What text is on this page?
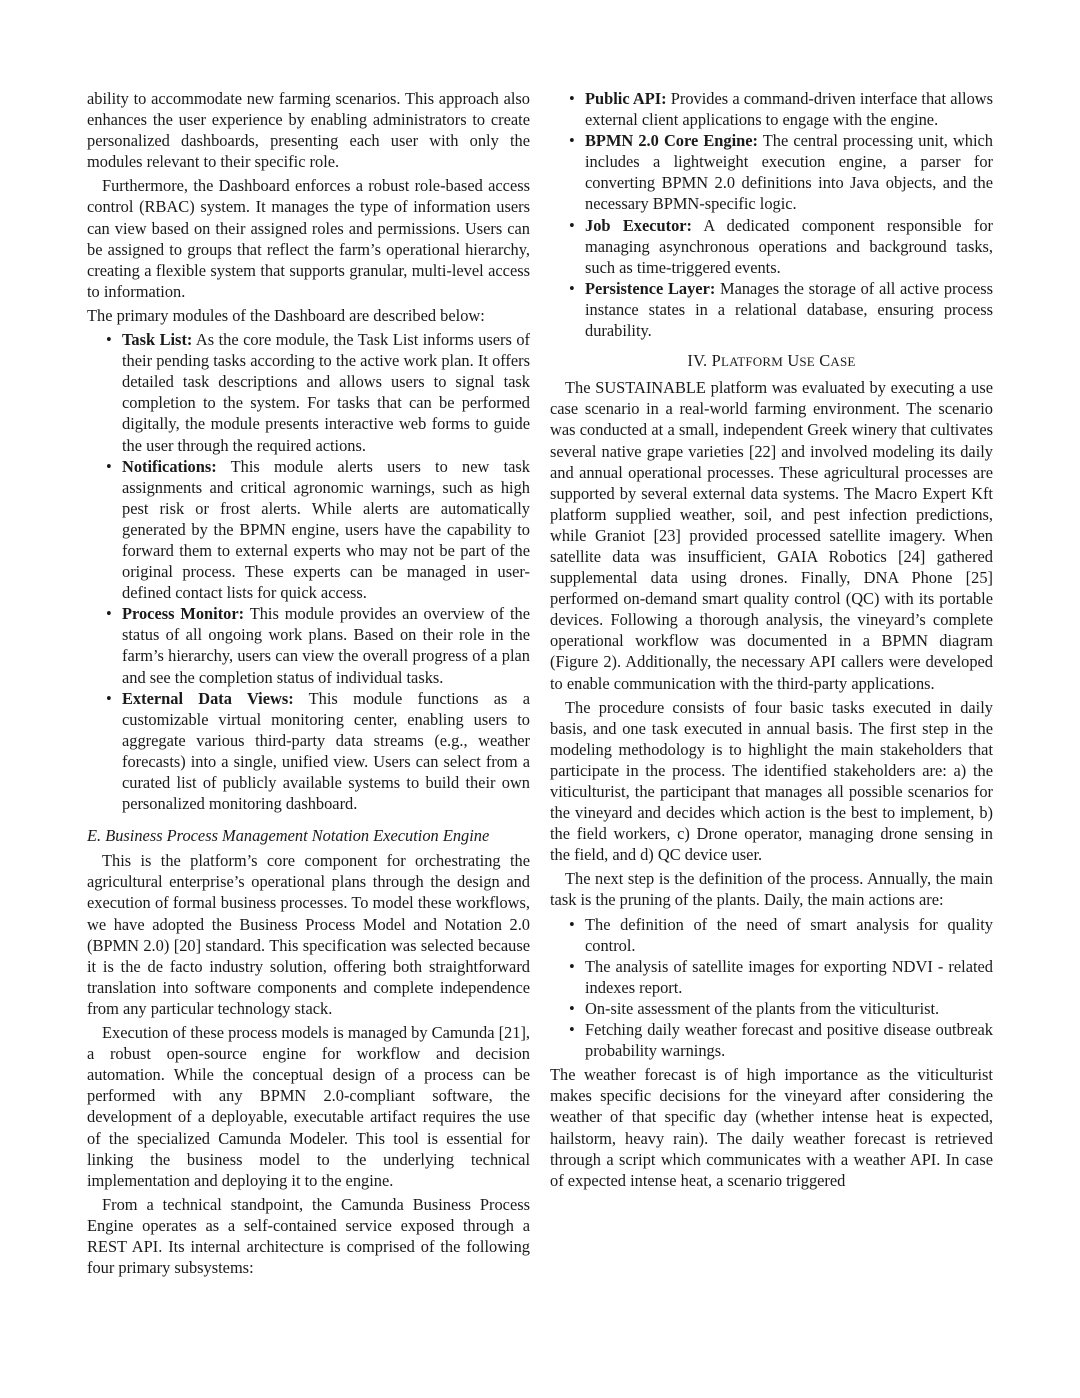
ability to accommodate new farming scenarios. This approach also enhances the user experience by enabling administrators to create personalized dashboards, presenting each user with only the modules relevant to their specific role.

Furthermore, the Dashboard enforces a robust role-based access control (RBAC) system. It manages the type of information users can view based on their assigned roles and permissions. Users can be assigned to groups that reflect the farm’s operational hierarchy, creating a flexible system that supports granular, multi-level access to information.

The primary modules of the Dashboard are described below:

• Task List: As the core module, the Task List informs users of their pending tasks according to the active work plan. It offers detailed task descriptions and allows users to signal task completion to the system. For tasks that can be performed digitally, the module presents interactive web forms to guide the user through the required actions.
• Notifications: This module alerts users to new task assignments and critical agronomic warnings, such as high pest risk or frost alerts. While alerts are automatically generated by the BPMN engine, users have the capability to forward them to external experts who may not be part of the original process. These experts can be managed in user-defined contact lists for quick access.
• Process Monitor: This module provides an overview of the status of all ongoing work plans. Based on their role in the farm’s hierarchy, users can view the overall progress of a plan and see the completion status of individual tasks.
• External Data Views: This module functions as a customizable virtual monitoring center, enabling users to aggregate various third-party data streams (e.g., weather forecasts) into a single, unified view. Users can select from a curated list of publicly available systems to build their own personalized monitoring dashboard.
E. Business Process Management Notation Execution Engine

This is the platform’s core component for orchestrating the agricultural enterprise’s operational plans through the design and execution of formal business processes. To model these workflows, we have adopted the Business Process Model and Notation 2.0 (BPMN 2.0) [20] standard. This specification was selected because it is the de facto industry solution, offering both straightforward translation into software components and complete independence from any particular technology stack.

Execution of these process models is managed by Camunda [21], a robust open-source engine for workflow and decision automation. While the conceptual design of a process can be performed with any BPMN 2.0-compliant software, the development of a deployable, executable artifact requires the use of the specialized Camunda Modeler. This tool is essential for linking the business model to the underlying technical implementation and deploying it to the engine.

From a technical standpoint, the Camunda Business Process Engine operates as a self-contained service exposed through a REST API. Its internal architecture is comprised of the following four primary subsystems:

• Public API: Provides a command-driven interface that allows external client applications to engage with the engine.
• BPMN 2.0 Core Engine: The central processing unit, which includes a lightweight execution engine, a parser for converting BPMN 2.0 definitions into Java objects, and the necessary BPMN-specific logic.
• Job Executor: A dedicated component responsible for managing asynchronous operations and background tasks, such as time-triggered events.
• Persistence Layer: Manages the storage of all active process instance states in a relational database, ensuring process durability.
IV. PLATFORM USE CASE

The SUSTAINABLE platform was evaluated by executing a use case scenario in a real-world farming environment. The scenario was conducted at a small, independent Greek winery that cultivates several native grape varieties [22] and involved modeling its daily and annual operational processes. These agricultural processes are supported by several external data systems. The Macro Expert Kft platform supplied weather, soil, and pest infection predictions, while Graniot [23] provided processed satellite imagery. When satellite data was insufficient, GAIA Robotics [24] gathered supplemental data using drones. Finally, DNA Phone [25] performed on-demand smart quality control (QC) with its portable devices. Following a thorough analysis, the vineyard’s complete operational workflow was documented in a BPMN diagram (Figure 2). Additionally, the necessary API callers were developed to enable communication with the third-party applications.

The procedure consists of four basic tasks executed in daily basis, and one task executed in annual basis. The first step in the modeling methodology is to highlight the main stakeholders that participate in the process. The identified stakeholders are: a) the viticulturist, the participant that manages all possible scenarios for the vineyard and decides which action is the best to implement, b) the field workers, c) Drone operator, managing drone sensing in the field, and d) QC device user.

The next step is the definition of the process. Annually, the main task is the pruning of the plants. Daily, the main actions are:

• The definition of the need of smart analysis for quality control.
• The analysis of satellite images for exporting NDVI - related indexes report.
• On-site assessment of the plants from the viticulturist.
• Fetching daily weather forecast and positive disease outbreak probability warnings.

The weather forecast is of high importance as the viticulturist makes specific decisions for the vineyard after considering the weather of that specific day (whether intense heat is expected, hailstorm, heavy rain). The daily weather forecast is retrieved through a script which communicates with a weather API. In case of expected intense heat, a scenario triggered
